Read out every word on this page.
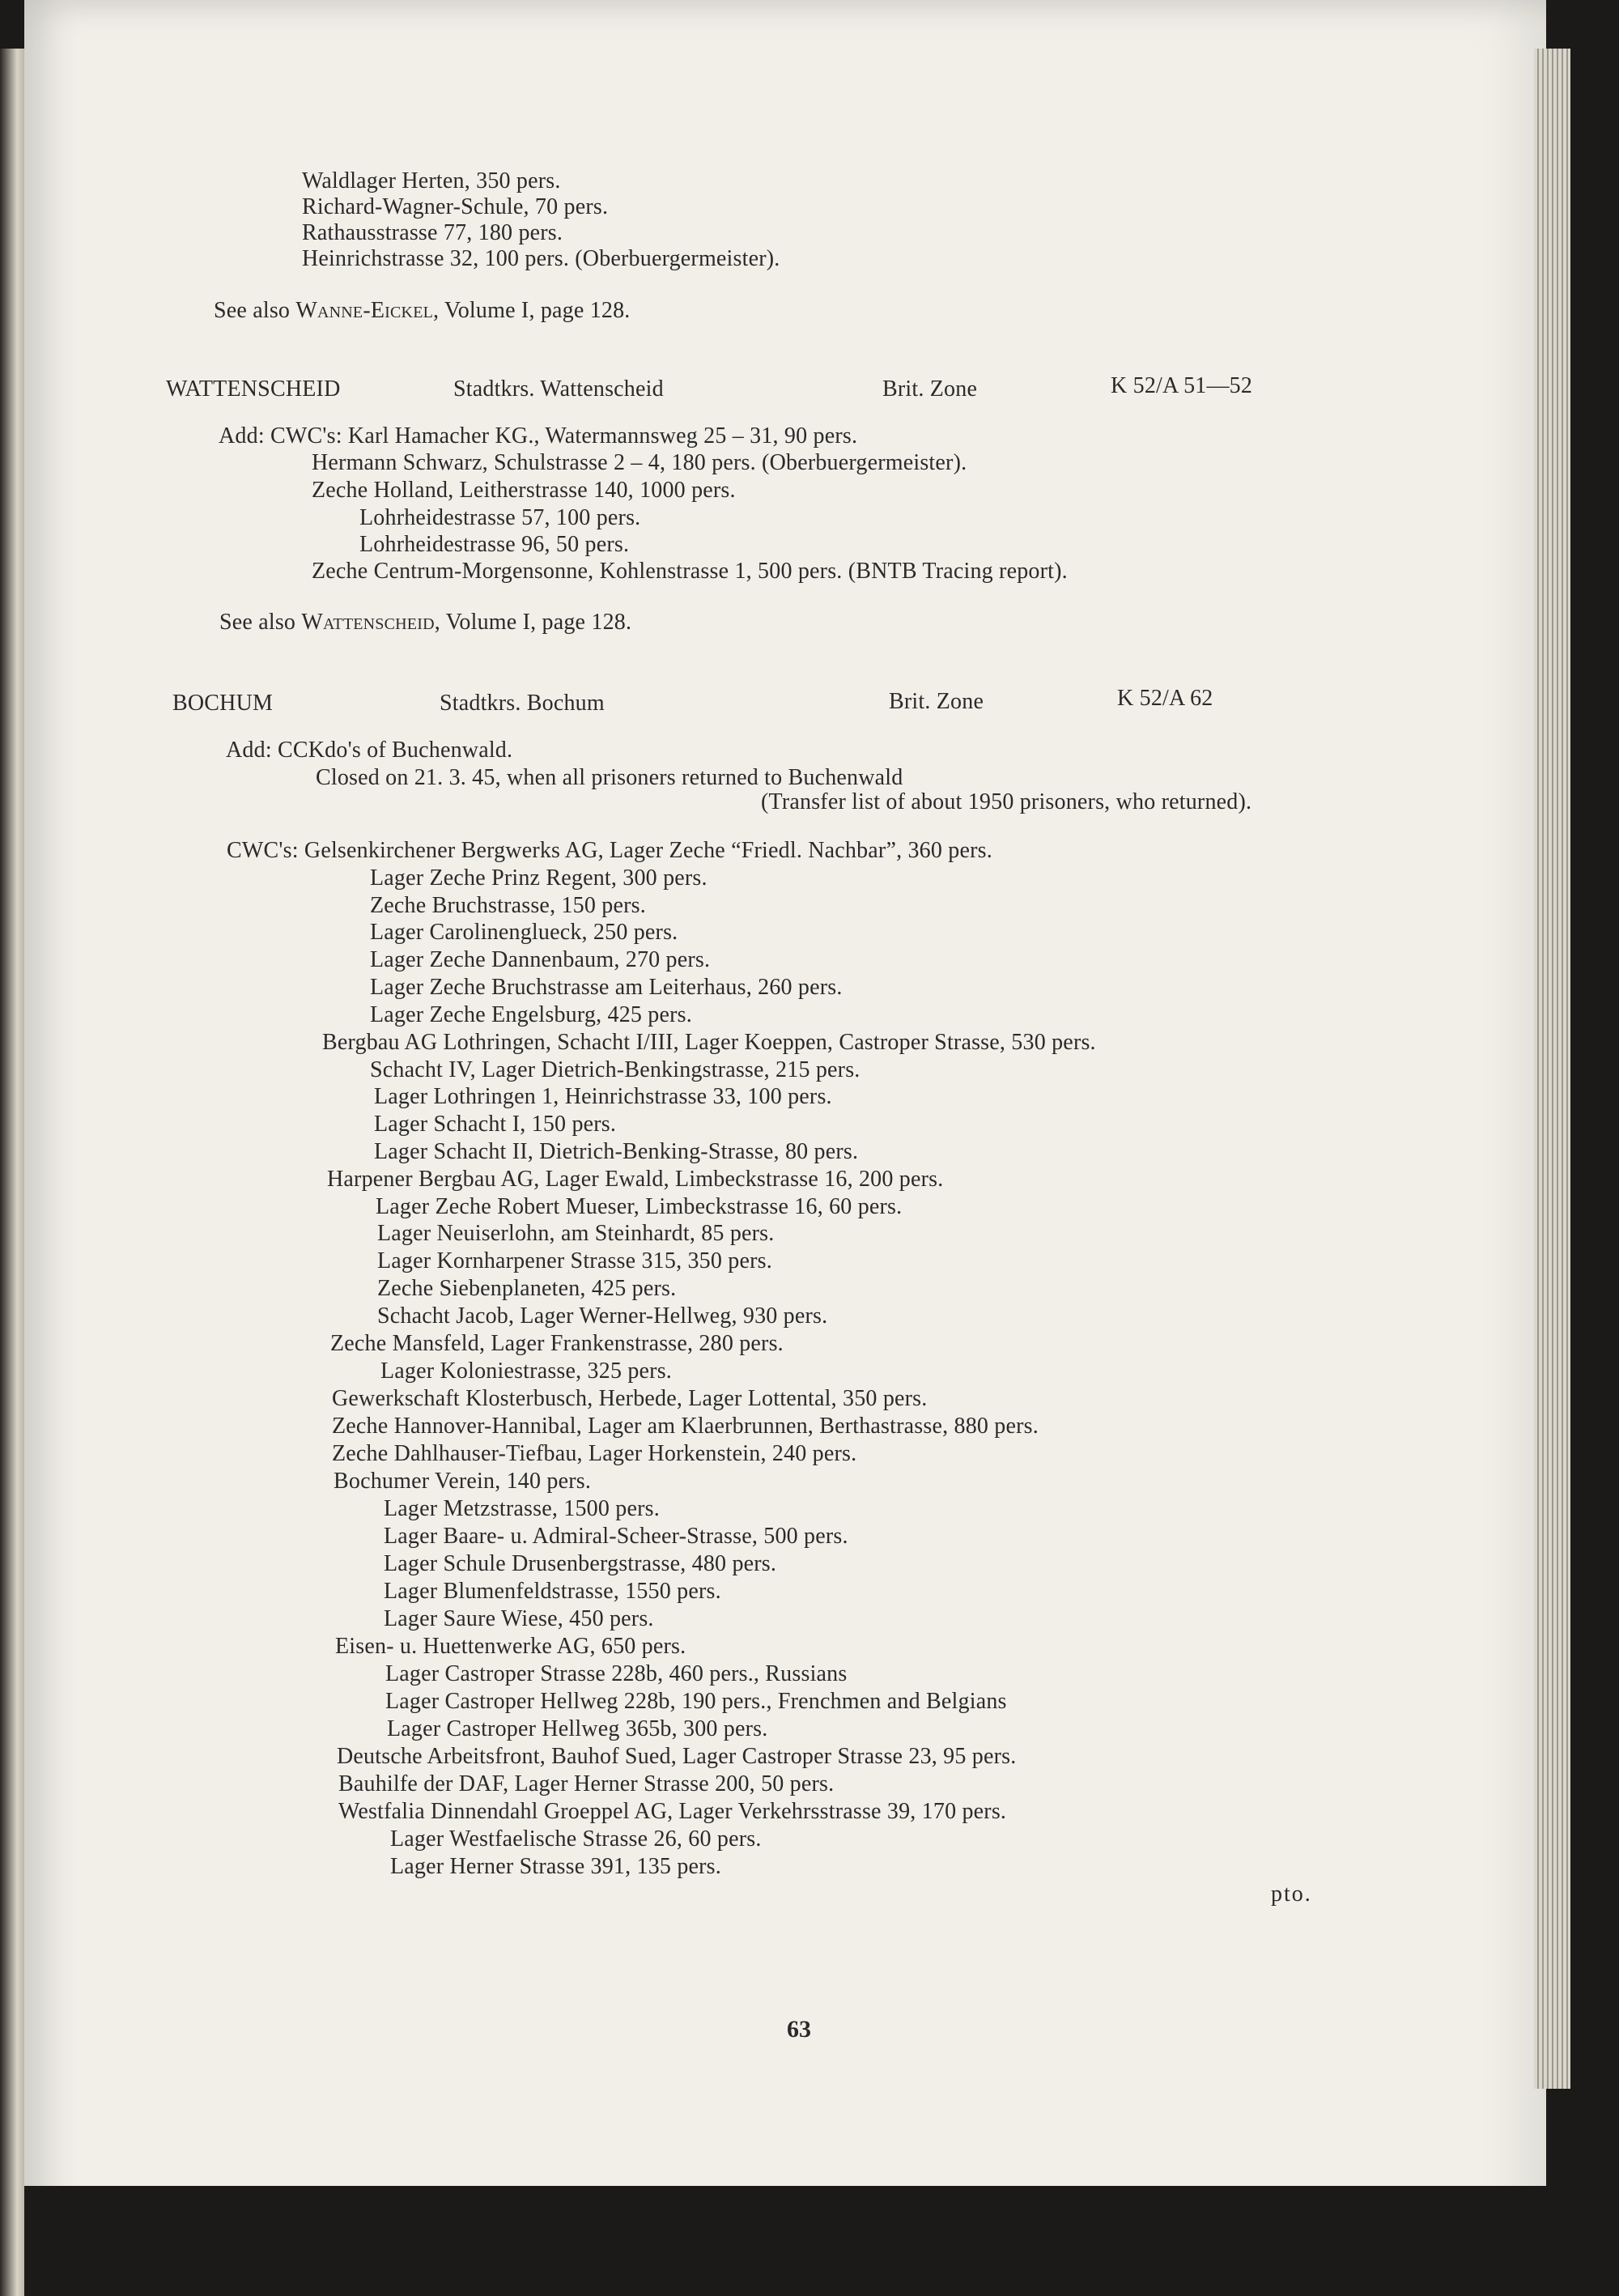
Waldlager Herten, 350 pers.
Richard-Wagner-Schule, 70 pers.
Rathausstrasse 77, 180 pers.
Heinrichstrasse 32, 100 pers. (Oberbuergermeister).
See also Wanne-Eickel, Volume I, page 128.
WATTENSCHEID	Stadtkrs. Wattenscheid	Brit. Zone	K 52/A 51—52
Add: CWC's: Karl Hamacher KG., Watermannsweg 25 – 31, 90 pers.
Hermann Schwarz, Schulstrasse 2 – 4, 180 pers. (Oberbuergermeister).
Zeche Holland, Leitherstrasse 140, 1000 pers.
Lohrheidestrasse 57, 100 pers.
Lohrheidestrasse 96, 50 pers.
Zeche Centrum-Morgensonne, Kohlenstrasse 1, 500 pers. (BNTB Tracing report).
See also Wattenscheid, Volume I, page 128.
BOCHUM	Stadtkrs. Bochum	Brit. Zone	K 52/A 62
Add: CCKdo's of Buchenwald.
Closed on 21. 3. 45, when all prisoners returned to Buchenwald
(Transfer list of about 1950 prisoners, who returned).
CWC's: Gelsenkirchener Bergwerks AG, Lager Zeche “Friedl. Nachbar”, 360 pers.
Lager Zeche Prinz Regent, 300 pers.
Zeche Bruchstrasse, 150 pers.
Lager Carolinenglueck, 250 pers.
Lager Zeche Dannenbaum, 270 pers.
Lager Zeche Bruchstrasse am Leiterhaus, 260 pers.
Lager Zeche Engelsburg, 425 pers.
Bergbau AG Lothringen, Schacht I/III, Lager Koeppen, Castroper Strasse, 530 pers.
Schacht IV, Lager Dietrich-Benkingstrasse, 215 pers.
Lager Lothringen 1, Heinrichstrasse 33, 100 pers.
Lager Schacht I, 150 pers.
Lager Schacht II, Dietrich-Benking-Strasse, 80 pers.
Harpener Bergbau AG, Lager Ewald, Limbeckstrasse 16, 200 pers.
Lager Zeche Robert Mueser, Limbeckstrasse 16, 60 pers.
Lager Neuiserlohn, am Steinhardt, 85 pers.
Lager Kornharpener Strasse 315, 350 pers.
Zeche Siebenplaneten, 425 pers.
Schacht Jacob, Lager Werner-Hellweg, 930 pers.
Zeche Mansfeld, Lager Frankenstrasse, 280 pers.
Lager Koloniestrasse, 325 pers.
Gewerkschaft Klosterbusch, Herbede, Lager Lottental, 350 pers.
Zeche Hannover-Hannibal, Lager am Klaerbrunnen, Berthastrasse, 880 pers.
Zeche Dahlhauser-Tiefbau, Lager Horkenstein, 240 pers.
Bochumer Verein, 140 pers.
Lager Metzstrasse, 1500 pers.
Lager Baare- u. Admiral-Scheer-Strasse, 500 pers.
Lager Schule Drusenbergstrasse, 480 pers.
Lager Blumenfeldstrasse, 1550 pers.
Lager Saure Wiese, 450 pers.
Eisen- u. Huettenwerke AG, 650 pers.
Lager Castroper Strasse 228b, 460 pers., Russians
Lager Castroper Hellweg 228b, 190 pers., Frenchmen and Belgians
Lager Castroper Hellweg 365b, 300 pers.
Deutsche Arbeitsfront, Bauhof Sued, Lager Castroper Strasse 23, 95 pers.
Bauhilfe der DAF, Lager Herner Strasse 200, 50 pers.
Westfalia Dinnendahl Groeppel AG, Lager Verkehrsstrasse 39, 170 pers.
Lager Westfaelische Strasse 26, 60 pers.
Lager Herner Strasse 391, 135 pers.
pto.
63
